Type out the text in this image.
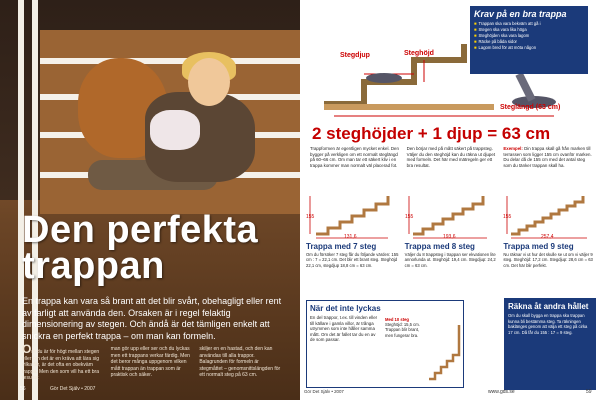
Den perfekta
trappan
En trappa kan vara så brant att det blir svårt, obehagligt eller rent av farligt att använda den. Orsaken är i regel felaktig dimensionering av stegen. Och ändå är det tämligen enkelt att snickra en perfekt trappa – om man kan formeln.

Om du är för högt mellan stegen eller om det är en kräva att lära sig vilka får, är det ofta en obekväm trappa. Men den som vill ha ett bra resultat

man gör upp eller ser och du lyckas men ett trappans verkar färdig. Men det beror många uppgenom vilken mått trappan än trappan som är praktisk och säker.

skiljer en en hastad, och den kan användas till alla trappor. Balagrunden för formeln är stegmåttet – genomsnittslängden för ett normalt steg på 63 cm.

56	Gör Det Själv • 2007
Stegdjup	Steghöjd
Steglängd (63 cm)
Krav på en bra trappa
■ Trappan ska vara bekväm att gå i
■ Stegen ska vara lika höga
■ Steghöjden ska vara lagom
■ Räcke på båda sidor
■ Lagom bred för att möta någon
2 steghöjder + 1 djup = 63 cm

Trappformen är egentligen mycket enkel. Den bygger på verkligen om ett normalt steglängd på 60–66 cm. Om man tar ett säkert kliv i en trappa kommer man normalt väl placerad fot.

Den börjar med på mått säkert på trappsteg. Väljer du den steghöjd kan du räkna ut djupet med formeln. Det här med mätregeln ger ett bra resultat.

Exempel: Din trappa skall gå från marken till terrassen som ligger 155 cm ovanför marken. Du delar då de 155 cm med det antal steg som du tänker trappan skall ha.

155
131,6
Trappa med 7 steg
Om du försöker 7 steg får du följande värden: 155 cm : 7 = 22,1 cm. Det blir ett brant steg. Steghöjd 22,1 cm, stegdjup 18,8 cm = 63 cm.
155
193,6
Trappa med 8 steg
Väljer du 8 trappsteg i trappan ser ekvationen lite annorlunda ut. Steghöjd: 19,4 cm. Stegdjup: 24,2 cm = 63 cm.
155
257,4
Trappa med 9 steg
Nu räknar vi ut hur det skulle se ut om vi väljer 9 steg. Steghöjd: 17,2 cm. Stegdjup: 28,6 cm = 63 cm. Det här blir perfekt.
När det inte lyckas
En del trappor, t.ex. till vinden eller till källare i gamla villor, är trånga utrymmen som inte håller samma mått. Om det är fallet tar du en av de som passar.
Med 10 steg
Steghöjd: 15,5 cm. Trappan blir brant, men fungerar bra.
Räkna åt andra hållet
Om du skall bygga en trappa ska trappan kunna bli bestämma steg. Ta räkningen baklänges genom att välja ett steg på cirka 17 cm. Då får du 155 : 17 = 9 steg.
Gör Det Själv • 2007	www.gds.se	59
